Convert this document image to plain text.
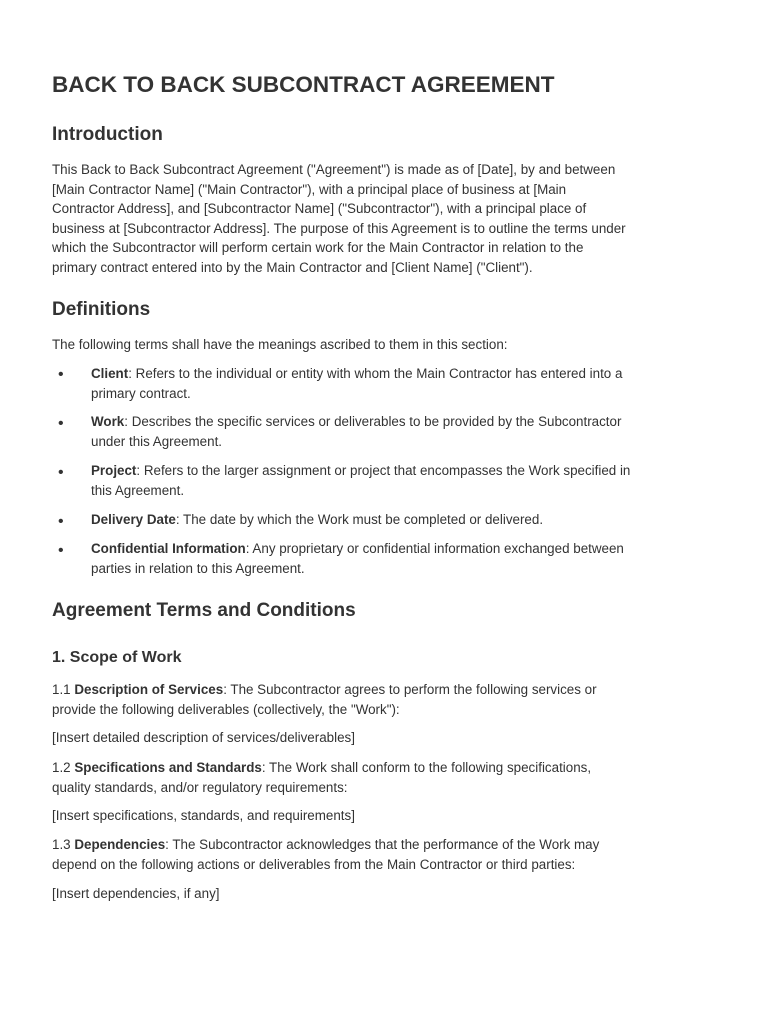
BACK TO BACK SUBCONTRACT AGREEMENT
Introduction
This Back to Back Subcontract Agreement ("Agreement") is made as of [Date], by and between
[Main Contractor Name] ("Main Contractor"), with a principal place of business at [Main
Contractor Address], and [Subcontractor Name] ("Subcontractor"), with a principal place of
business at [Subcontractor Address]. The purpose of this Agreement is to outline the terms under
which the Subcontractor will perform certain work for the Main Contractor in relation to the
primary contract entered into by the Main Contractor and [Client Name] ("Client").
Definitions
The following terms shall have the meanings ascribed to them in this section:
• Client: Refers to the individual or entity with whom the Main Contractor has entered into a
primary contract.
• Work: Describes the specific services or deliverables to be provided by the Subcontractor
under this Agreement.
• Project: Refers to the larger assignment or project that encompasses the Work specified in
this Agreement.
• Delivery Date: The date by which the Work must be completed or delivered.
• Confidential Information: Any proprietary or confidential information exchanged between
parties in relation to this Agreement.
Agreement Terms and Conditions
1. Scope of Work
1.1 Description of Services: The Subcontractor agrees to perform the following services or
provide the following deliverables (collectively, the "Work"):
[Insert detailed description of services/deliverables]
1.2 Specifications and Standards: The Work shall conform to the following specifications,
quality standards, and/or regulatory requirements:
[Insert specifications, standards, and requirements]
1.3 Dependencies: The Subcontractor acknowledges that the performance of the Work may
depend on the following actions or deliverables from the Main Contractor or third parties:
[Insert dependencies, if any]
